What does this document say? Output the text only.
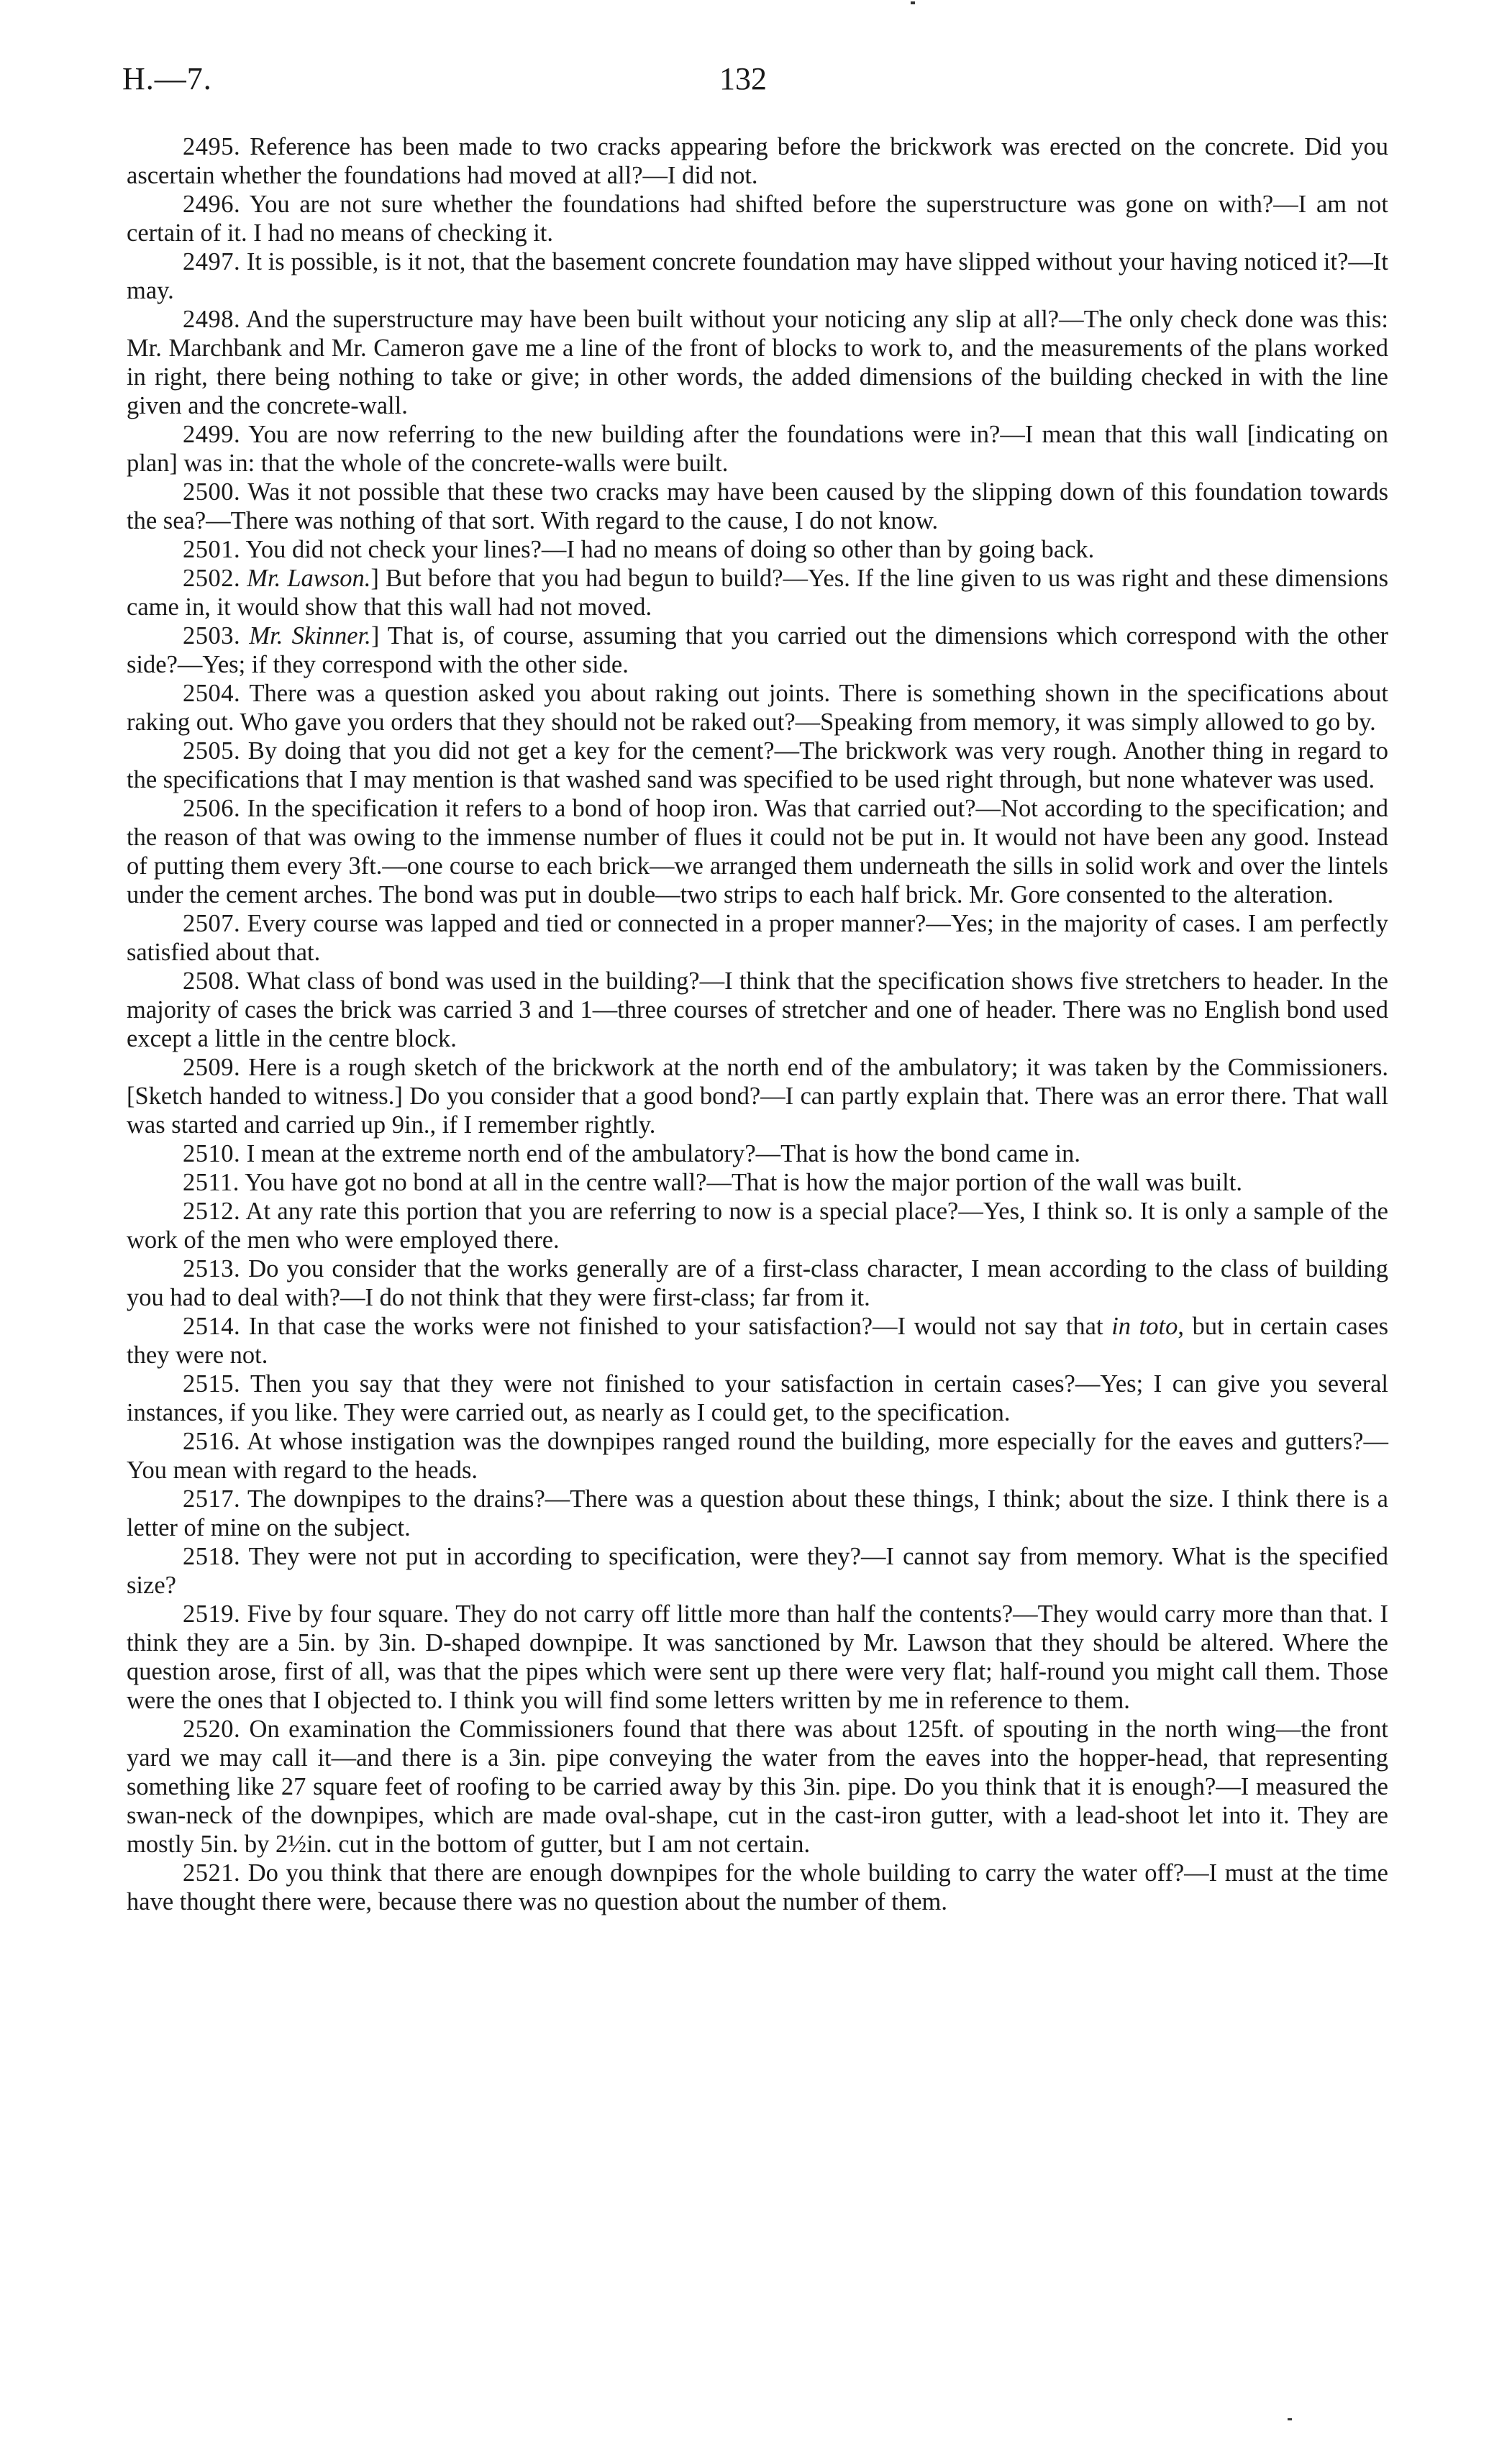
H.—7.	132

2495. Reference has been made to two cracks appearing before the brickwork was erected on the concrete. Did you ascertain whether the foundations had moved at all?—I did not.

2496. You are not sure whether the foundations had shifted before the superstructure was gone on with?—I am not certain of it. I had no means of checking it.

2497. It is possible, is it not, that the basement concrete foundation may have slipped without your having noticed it?—It may.

2498. And the superstructure may have been built without your noticing any slip at all?—The only check done was this: Mr. Marchbank and Mr. Cameron gave me a line of the front of blocks to work to, and the measurements of the plans worked in right, there being nothing to take or give; in other words, the added dimensions of the building checked in with the line given and the concrete-wall.

2499. You are now referring to the new building after the foundations were in?—I mean that this wall [indicating on plan] was in: that the whole of the concrete-walls were built.

2500. Was it not possible that these two cracks may have been caused by the slipping down of this foundation towards the sea?—There was nothing of that sort. With regard to the cause, I do not know.

2501. You did not check your lines?—I had no means of doing so other than by going back.

2502. Mr. Lawson.] But before that you had begun to build?—Yes. If the line given to us was right and these dimensions came in, it would show that this wall had not moved.

2503. Mr. Skinner.] That is, of course, assuming that you carried out the dimensions which correspond with the other side?—Yes; if they correspond with the other side.

2504. There was a question asked you about raking out joints. There is something shown in the specifications about raking out. Who gave you orders that they should not be raked out?—Speaking from memory, it was simply allowed to go by.

2505. By doing that you did not get a key for the cement?—The brickwork was very rough. Another thing in regard to the specifications that I may mention is that washed sand was specified to be used right through, but none whatever was used.

2506. In the specification it refers to a bond of hoop iron. Was that carried out?—Not according to the specification; and the reason of that was owing to the immense number of flues it could not be put in. It would not have been any good. Instead of putting them every 3ft.—one course to each brick—we arranged them underneath the sills in solid work and over the lintels under the cement arches. The bond was put in double—two strips to each half brick. Mr. Gore consented to the alteration.

2507. Every course was lapped and tied or connected in a proper manner?—Yes; in the majority of cases. I am perfectly satisfied about that.

2508. What class of bond was used in the building?—I think that the specification shows five stretchers to header. In the majority of cases the brick was carried 3 and 1—three courses of stretcher and one of header. There was no English bond used except a little in the centre block.

2509. Here is a rough sketch of the brickwork at the north end of the ambulatory; it was taken by the Commissioners. [Sketch handed to witness.] Do you consider that a good bond?—I can partly explain that. There was an error there. That wall was started and carried up 9in., if I remember rightly.

2510. I mean at the extreme north end of the ambulatory?—That is how the bond came in.

2511. You have got no bond at all in the centre wall?—That is how the major portion of the wall was built.

2512. At any rate this portion that you are referring to now is a special place?—Yes, I think so. It is only a sample of the work of the men who were employed there.

2513. Do you consider that the works generally are of a first-class character, I mean according to the class of building you had to deal with?—I do not think that they were first-class; far from it.

2514. In that case the works were not finished to your satisfaction?—I would not say that in toto, but in certain cases they were not.

2515. Then you say that they were not finished to your satisfaction in certain cases?—Yes; I can give you several instances, if you like. They were carried out, as nearly as I could get, to the specification.

2516. At whose instigation was the downpipes ranged round the building, more especially for the eaves and gutters?—You mean with regard to the heads.

2517. The downpipes to the drains?—There was a question about these things, I think; about the size. I think there is a letter of mine on the subject.

2518. They were not put in according to specification, were they?—I cannot say from memory. What is the specified size?

2519. Five by four square. They do not carry off little more than half the contents?—They would carry more than that. I think they are a 5in. by 3in. D-shaped downpipe. It was sanctioned by Mr. Lawson that they should be altered. Where the question arose, first of all, was that the pipes which were sent up there were very flat; half-round you might call them. Those were the ones that I objected to. I think you will find some letters written by me in reference to them.

2520. On examination the Commissioners found that there was about 125ft. of spouting in the north wing—the front yard we may call it—and there is a 3in. pipe conveying the water from the eaves into the hopper-head, that representing something like 27 square feet of roofing to be carried away by this 3in. pipe. Do you think that it is enough?—I measured the swan-neck of the downpipes, which are made oval-shape, cut in the cast-iron gutter, with a lead-shoot let into it. They are mostly 5in. by 2½in. cut in the bottom of gutter, but I am not certain.

2521. Do you think that there are enough downpipes for the whole building to carry the water off?—I must at the time have thought there were, because there was no question about the number of them.
